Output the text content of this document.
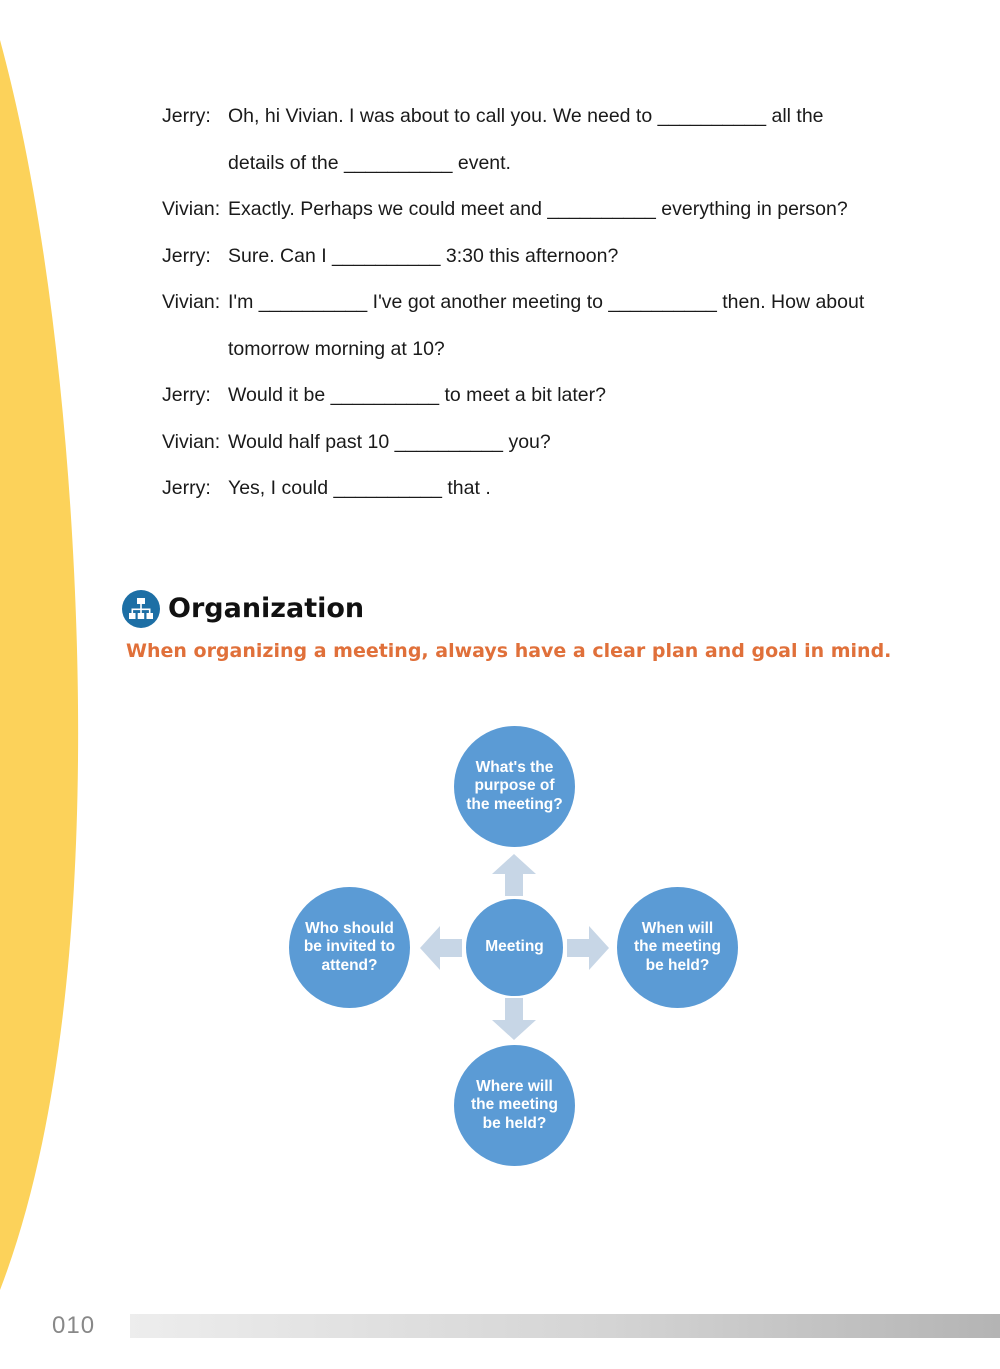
Jerry: Oh, hi Vivian. I was about to call you. We need to __________ all the
details of the __________ event.
Vivian: Exactly. Perhaps we could meet and __________ everything in person?
Jerry: Sure. Can I __________ 3:30 this afternoon?
Vivian: I'm __________ I've got another meeting to __________ then. How about
tomorrow morning at 10?
Jerry: Would it be __________ to meet a bit later?
Vivian: Would half past 10 __________ you?
Jerry: Yes, I could __________ that .
Organization
When organizing a meeting, always have a clear plan and goal in mind.
What's the purpose of the meeting?
Meeting
When will the meeting be held?
Where will the meeting be held?
Who should be invited to attend?
010
